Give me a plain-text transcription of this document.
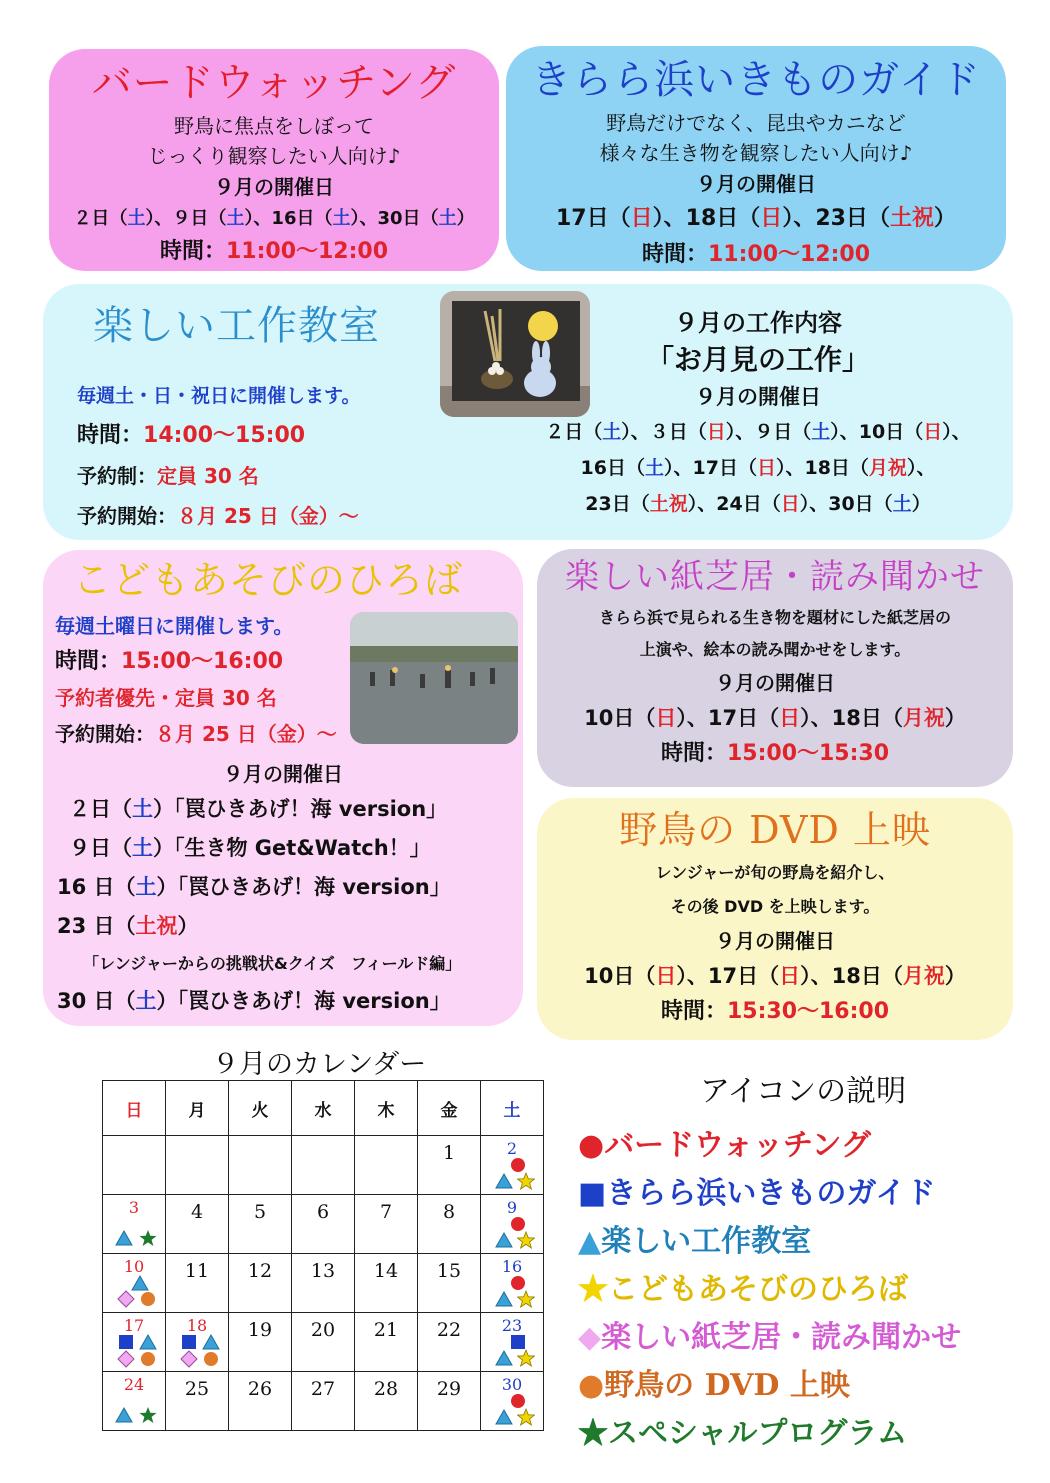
バードウォッチング
野鳥に焦点をしぼって
じっくり観察したい人向け♪
９月の開催日
２日（土）、９日（土）、16日（土）、30日（土）
時間：11:00～12:00
きらら浜いきものガイド
野鳥だけでなく、昆虫やカニなど
様々な生き物を観察したい人向け♪
９月の開催日
17日（日）、18日（日）、23日（土祝）
時間：11:00～12:00
楽しい工作教室
毎週土・日・祝日に開催します。
時間：14:00～15:00
予約制：定員 30 名
予約開始：８月 25 日（金）～
９月の工作内容
「お月見の工作」
９月の開催日
２日（土）、３日（日）、９日（土）、10日（日）、
16日（土）、17日（日）、18日（月祝）、
23日（土祝）、24日（日）、30日（土）
こどもあそびのひろば
毎週土曜日に開催します。
時間：15:00～16:00
予約者優先・定員 30 名
予約開始：８月 25 日（金）～
９月の開催日
２日（土）「罠ひきあげ！海 version」
９日（土）「生き物 Get&Watch！」
16 日（土）「罠ひきあげ！海 version」
23 日（土祝）
「レンジャーからの挑戦状&クイズ　フィールド編」
30 日（土）「罠ひきあげ！海 version」
楽しい紙芝居・読み聞かせ
きらら浜で見られる生き物を題材にした紙芝居の
上演や、絵本の読み聞かせをします。
９月の開催日
10日（日）、17日（日）、18日（月祝）
時間：15:00～15:30
野鳥の DVD 上映
レンジャーが旬の野鳥を紹介し、
その後 DVD を上映します。
９月の開催日
10日（日）、17日（日）、18日（月祝）
時間：15:30～16:00
９月のカレンダー
日	月	火	水	木	金	土

					1	2

3	4	5	6	7	8	9

10	11	12	13	14	15	16

17	18	19	20	21	22	23

24	25	26	27	28	29	30
アイコンの説明
●バードウォッチング
■きらら浜いきものガイド
▲楽しい工作教室
★こどもあそびのひろば
◆楽しい紙芝居・読み聞かせ
●野鳥の DVD 上映
★スペシャルプログラム
